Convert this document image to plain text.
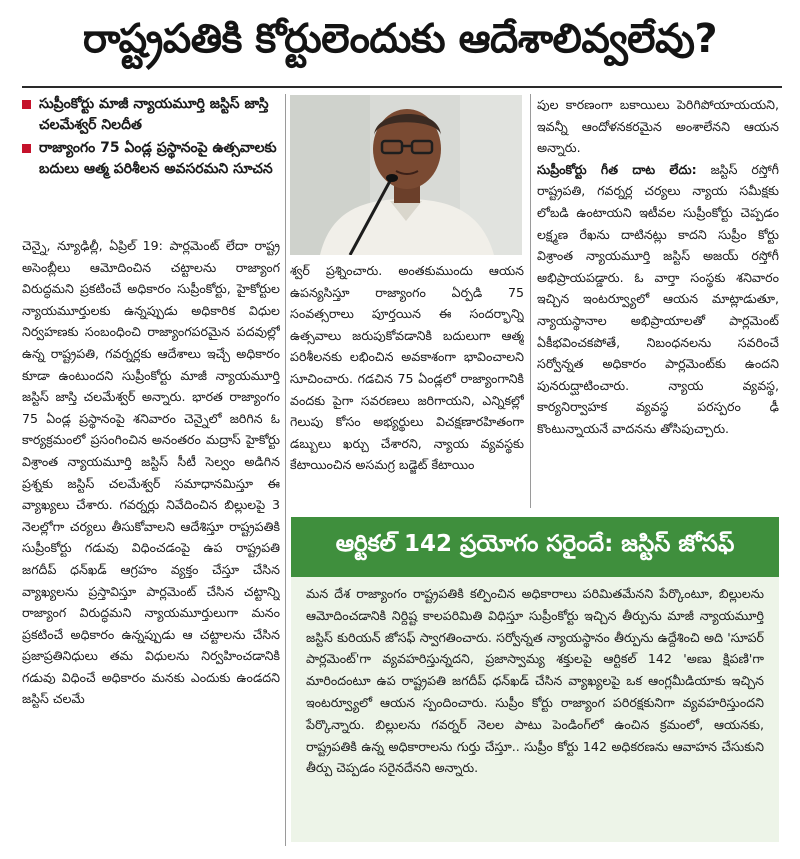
రాష్ట్రపతికి కోర్టులెందుకు ఆదేశాలివ్వలేవు?
సుప్రీంకోర్టు మాజీ న్యాయమూర్తి జస్టిస్ జాస్తి చలమేశ్వర్ నిలదీత
రాజ్యాంగం 75 ఏండ్ల ప్రస్థానంపై ఉత్సవాలకు బదులు ఆత్మ పరిశీలన అవసరమని సూచన

చెన్నై, న్యూఢిల్లీ, ఏప్రిల్ 19: పార్లమెంట్ లేదా రాష్ట్ర అసెంబ్లీలు ఆమోదించిన చట్టాలను రాజ్యాంగ విరుద్ధమని ప్రకటించే అధికారం సుప్రీంకోర్టు, హైకోర్టుల న్యాయమూర్తులకు ఉన్నప్పుడు అధికారిక విధుల నిర్వహణకు సంబంధించి రాజ్యాంగపరమైన పదవుల్లో ఉన్న రాష్ట్రపతి, గవర్నర్లకు ఆదేశాలు ఇచ్చే అధికారం కూడా ఉంటుందని సుప్రీంకోర్టు మాజీ న్యాయమూర్తి జస్టిస్ జాస్తి చలమేశ్వర్ అన్నారు. భారత రాజ్యాంగం 75 ఏండ్ల ప్రస్థానంపై శనివారం చెన్నైలో జరిగిన ఓ కార్యక్రమంలో ప్రసంగించిన అనంతరం మద్రాస్ హైకోర్టు విశ్రాంత న్యాయమూర్తి జస్టిస్ సీటీ సెల్వం అడిగిన ప్రశ్నకు జస్టిస్ చలమేశ్వర్ సమాధానమిస్తూ ఈ వ్యాఖ్యలు చేశారు. గవర్నర్లు నివేదించిన బిల్లులపై 3 నెలల్లోగా చర్యలు తీసుకోవాలని ఆదేశిస్తూ రాష్ట్రపతికి సుప్రీంకోర్టు గడువు విధించడంపై ఉప రాష్ట్రపతి జగదీప్ ధన్‌ఖడ్ ఆగ్రహం వ్యక్తం చేస్తూ చేసిన వ్యాఖ్యలను ప్రస్తావిస్తూ పార్లమెంట్ చేసిన చట్టాన్ని రాజ్యాంగ విరుద్ధమని న్యాయమూర్తులుగా మనం ప్రకటించే అధికారం ఉన్నప్పుడు ఆ చట్టాలను చేసిన ప్రజాప్రతినిధులు తమ విధులను నిర్వహించడానికి గడువు విధించే అధికారం మనకు ఎందుకు ఉండదని జస్టిస్ చలమే

శ్వర్ ప్రశ్నించారు. అంతకుముందు ఆయన ఉపన్యసిస్తూ రాజ్యాంగం ఏర్పడి 75 సంవత్సరాలు పూర్తయిన ఈ సందర్భాన్ని ఉత్సవాలు జరుపుకోవడానికి బదులుగా ఆత్మ పరిశీలనకు లభించిన అవకాశంగా భావించాలని సూచించారు. గడచిన 75 ఏండ్లలో రాజ్యాంగానికి వందకు పైగా సవరణలు జరిగాయని, ఎన్నికల్లో గెలుపు కోసం అభ్యర్థులు విచక్షణారహితంగా డబ్బులు ఖర్చు చేశారని, న్యాయ వ్యవస్థకు కేటాయించిన అసమగ్ర బడ్జెట్ కేటాయిం

పుల కారణంగా బకాయిలు పెరిగిపోయాయయని, ఇవన్నీ ఆందోళనకరమైన అంశాలేనని ఆయన అన్నారు.

సుప్రీంకోర్టు గీత దాట లేదు: జస్టిస్ రస్తోగీ రాష్ట్రపతి, గవర్నర్ల చర్యలు న్యాయ సమీక్షకు లోబడి ఉంటాయని ఇటీవల సుప్రీంకోర్టు చెప్పడం లక్ష్మణ రేఖను దాటినట్లు కాదని సుప్రీం కోర్టు విశ్రాంత న్యాయమూర్తి జస్టిస్ అజయ్ రస్తోగీ అభిప్రాయపడ్డారు. ఓ వార్తా సంస్థకు శనివారం ఇచ్చిన ఇంటర్వ్యూలో ఆయన మాట్లాడుతూ, న్యాయస్థానాల అభిప్రాయాలతో పార్లమెంట్ ఏకీభవించకపోతే, నిబంధనలను సవరించే సర్వోన్నత అధికారం పార్లమెంట్‌కు ఉందని పునరుద్ఘాటించారు. న్యాయ వ్యవస్థ, కార్యనిర్వాహక వ్యవస్థ పరస్పరం ఢీ కొంటున్నాయనే వాదనను తోసిపుచ్చారు.

ఆర్టికల్ 142 ప్రయోగం సరైందే: జస్టిస్ జోసఫ్
మన దేశ రాజ్యాంగం రాష్ట్రపతికి కల్పించిన అధికారాలు పరిమితమేనని పేర్కొంటూ, బిల్లులను ఆమోదించడానికి నిర్దిష్ట కాలపరిమితి విధిస్తూ సుప్రీంకోర్టు ఇచ్చిన తీర్పును మాజీ న్యాయమూర్తి జస్టిస్ కురియన్ జోసఫ్ స్వాగతించారు. సర్వోన్నత న్యాయస్థానం తీర్పును ఉద్దేశించి అది 'సూపర్ పార్లమెంట్'గా వ్యవహరిస్తున్నదని, ప్రజాస్వామ్య శక్తులపై ఆర్టికల్ 142 'అణు క్షిపణి'గా మారిందంటూ ఉప రాష్ట్రపతి జగదీప్ ధన్‌ఖడ్ చేసిన వ్యాఖ్యలపై ఒక ఆంగ్లమీడియాకు ఇచ్చిన ఇంటర్వ్యూలో ఆయన స్పందించారు. సుప్రీం కోర్టు రాజ్యాంగ పరిరక్షకునిగా వ్యవహరిస్తుందని పేర్కొన్నారు. బిల్లులను గవర్నర్ నెలల పాటు పెండింగ్‌లో ఉంచిన క్రమంలో, ఆయనకు, రాష్ట్రపతికి ఉన్న అధికారాలను గుర్తు చేస్తూ.. సుప్రీం కోర్టు 142 అధికరణను ఆవాహన చేసుకుని తీర్పు చెప్పడం సరైనదేనని అన్నారు.
